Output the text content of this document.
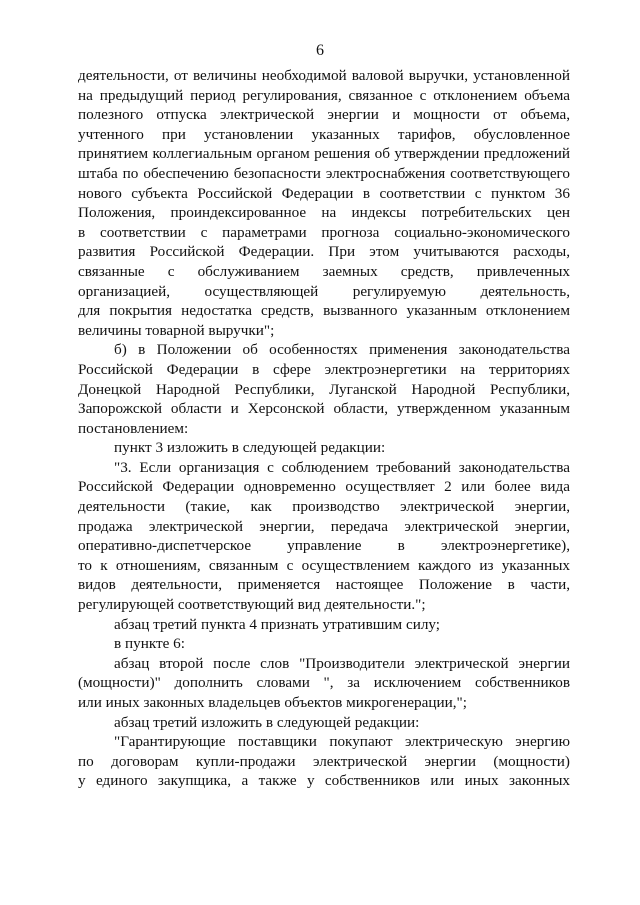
6
деятельности, от величины необходимой валовой выручки, установленной
на предыдущий период регулирования, связанное с отклонением объема
полезного отпуска электрической энергии и мощности от объема,
учтенного при установлении указанных тарифов, обусловленное
принятием коллегиальным органом решения об утверждении предложений
штаба по обеспечению безопасности электроснабжения соответствующего
нового субъекта Российской Федерации в соответствии с пунктом 36
Положения, проиндексированное на индексы потребительских цен
в соответствии с параметрами прогноза социально-экономического
развития Российской Федерации. При этом учитываются расходы,
связанные с обслуживанием заемных средств, привлеченных
организацией, осуществляющей регулируемую деятельность,
для покрытия недостатка средств, вызванного указанным отклонением
величины товарной выручки";
б) в Положении об особенностях применения законодательства
Российской Федерации в сфере электроэнергетики на территориях
Донецкой Народной Республики, Луганской Народной Республики,
Запорожской области и Херсонской области, утвержденном указанным
постановлением:
пункт 3 изложить в следующей редакции:
"3. Если организация с соблюдением требований законодательства
Российской Федерации одновременно осуществляет 2 или более вида
деятельности (такие, как производство электрической энергии,
продажа электрической энергии, передача электрической энергии,
оперативно-диспетчерское управление в электроэнергетике),
то к отношениям, связанным с осуществлением каждого из указанных
видов деятельности, применяется настоящее Положение в части,
регулирующей соответствующий вид деятельности.";
абзац третий пункта 4 признать утратившим силу;
в пункте 6:
абзац второй после слов "Производители электрической энергии
(мощности)" дополнить словами ", за исключением собственников
или иных законных владельцев объектов микрогенерации,";
абзац третий изложить в следующей редакции:
"Гарантирующие поставщики покупают электрическую энергию
по договорам купли-продажи электрической энергии (мощности)
у единого закупщика, а также у собственников или иных законных
